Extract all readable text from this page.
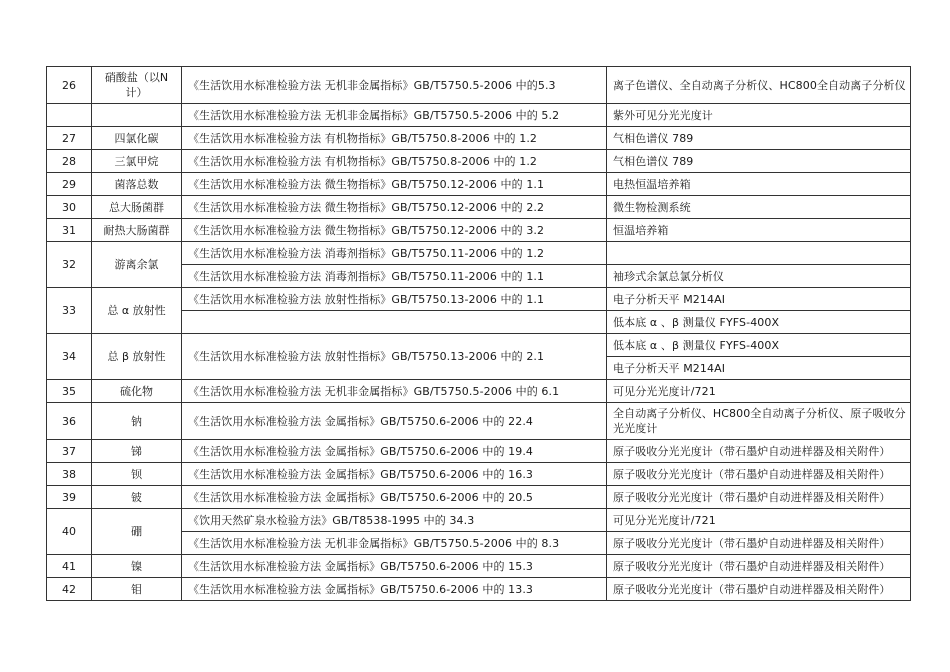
26	硝酸盐（以N计）	《生活饮用水标准检验方法 无机非金属指标》GB/T5750.5-2006 中的5.3	离子色谱仪、全自动离子分析仪、HC800全自动离子分析仪
		《生活饮用水标准检验方法 无机非金属指标》GB/T5750.5-2006 中的 5.2	紫外可见分光光度计
27	四氯化碳	《生活饮用水标准检验方法 有机物指标》GB/T5750.8-2006 中的 1.2	气相色谱仪 789
28	三氯甲烷	《生活饮用水标准检验方法 有机物指标》GB/T5750.8-2006 中的 1.2	气相色谱仪 789
29	菌落总数	《生活饮用水标准检验方法 微生物指标》GB/T5750.12-2006 中的 1.1	电热恒温培养箱
30	总大肠菌群	《生活饮用水标准检验方法 微生物指标》GB/T5750.12-2006 中的 2.2	微生物检测系统
31	耐热大肠菌群	《生活饮用水标准检验方法 微生物指标》GB/T5750.12-2006 中的 3.2	恒温培养箱
32	游离余氯	《生活饮用水标准检验方法 消毒剂指标》GB/T5750.11-2006 中的 1.2	
		《生活饮用水标准检验方法 消毒剂指标》GB/T5750.11-2006 中的 1.1	袖珍式余氯总氯分析仪
33	总 α 放射性	《生活饮用水标准检验方法 放射性指标》GB/T5750.13-2006 中的 1.1	电子分析天平 M214AI
			低本底 α 、β 测量仪 FYFS-400X
34	总 β 放射性	《生活饮用水标准检验方法 放射性指标》GB/T5750.13-2006 中的 2.1	低本底 α 、β 测量仪 FYFS-400X
			电子分析天平 M214AI
35	硫化物	《生活饮用水标准检验方法 无机非金属指标》GB/T5750.5-2006 中的 6.1	可见分光光度计/721
36	钠	《生活饮用水标准检验方法 金属指标》GB/T5750.6-2006 中的 22.4	全自动离子分析仪、HC800全自动离子分析仪、原子吸收分光光度计
37	锑	《生活饮用水标准检验方法 金属指标》GB/T5750.6-2006 中的 19.4	原子吸收分光光度计（带石墨炉自动进样器及相关附件）
38	钡	《生活饮用水标准检验方法 金属指标》GB/T5750.6-2006 中的 16.3	原子吸收分光光度计（带石墨炉自动进样器及相关附件）
39	铍	《生活饮用水标准检验方法 金属指标》GB/T5750.6-2006 中的 20.5	原子吸收分光光度计（带石墨炉自动进样器及相关附件）
40	硼	《饮用天然矿泉水检验方法》GB/T8538-1995 中的 34.3	可见分光光度计/721
		《生活饮用水标准检验方法 无机非金属指标》GB/T5750.5-2006 中的 8.3	原子吸收分光光度计（带石墨炉自动进样器及相关附件）
41	镍	《生活饮用水标准检验方法 金属指标》GB/T5750.6-2006 中的 15.3	原子吸收分光光度计（带石墨炉自动进样器及相关附件）
42	钼	《生活饮用水标准检验方法 金属指标》GB/T5750.6-2006 中的 13.3	原子吸收分光光度计（带石墨炉自动进样器及相关附件）
